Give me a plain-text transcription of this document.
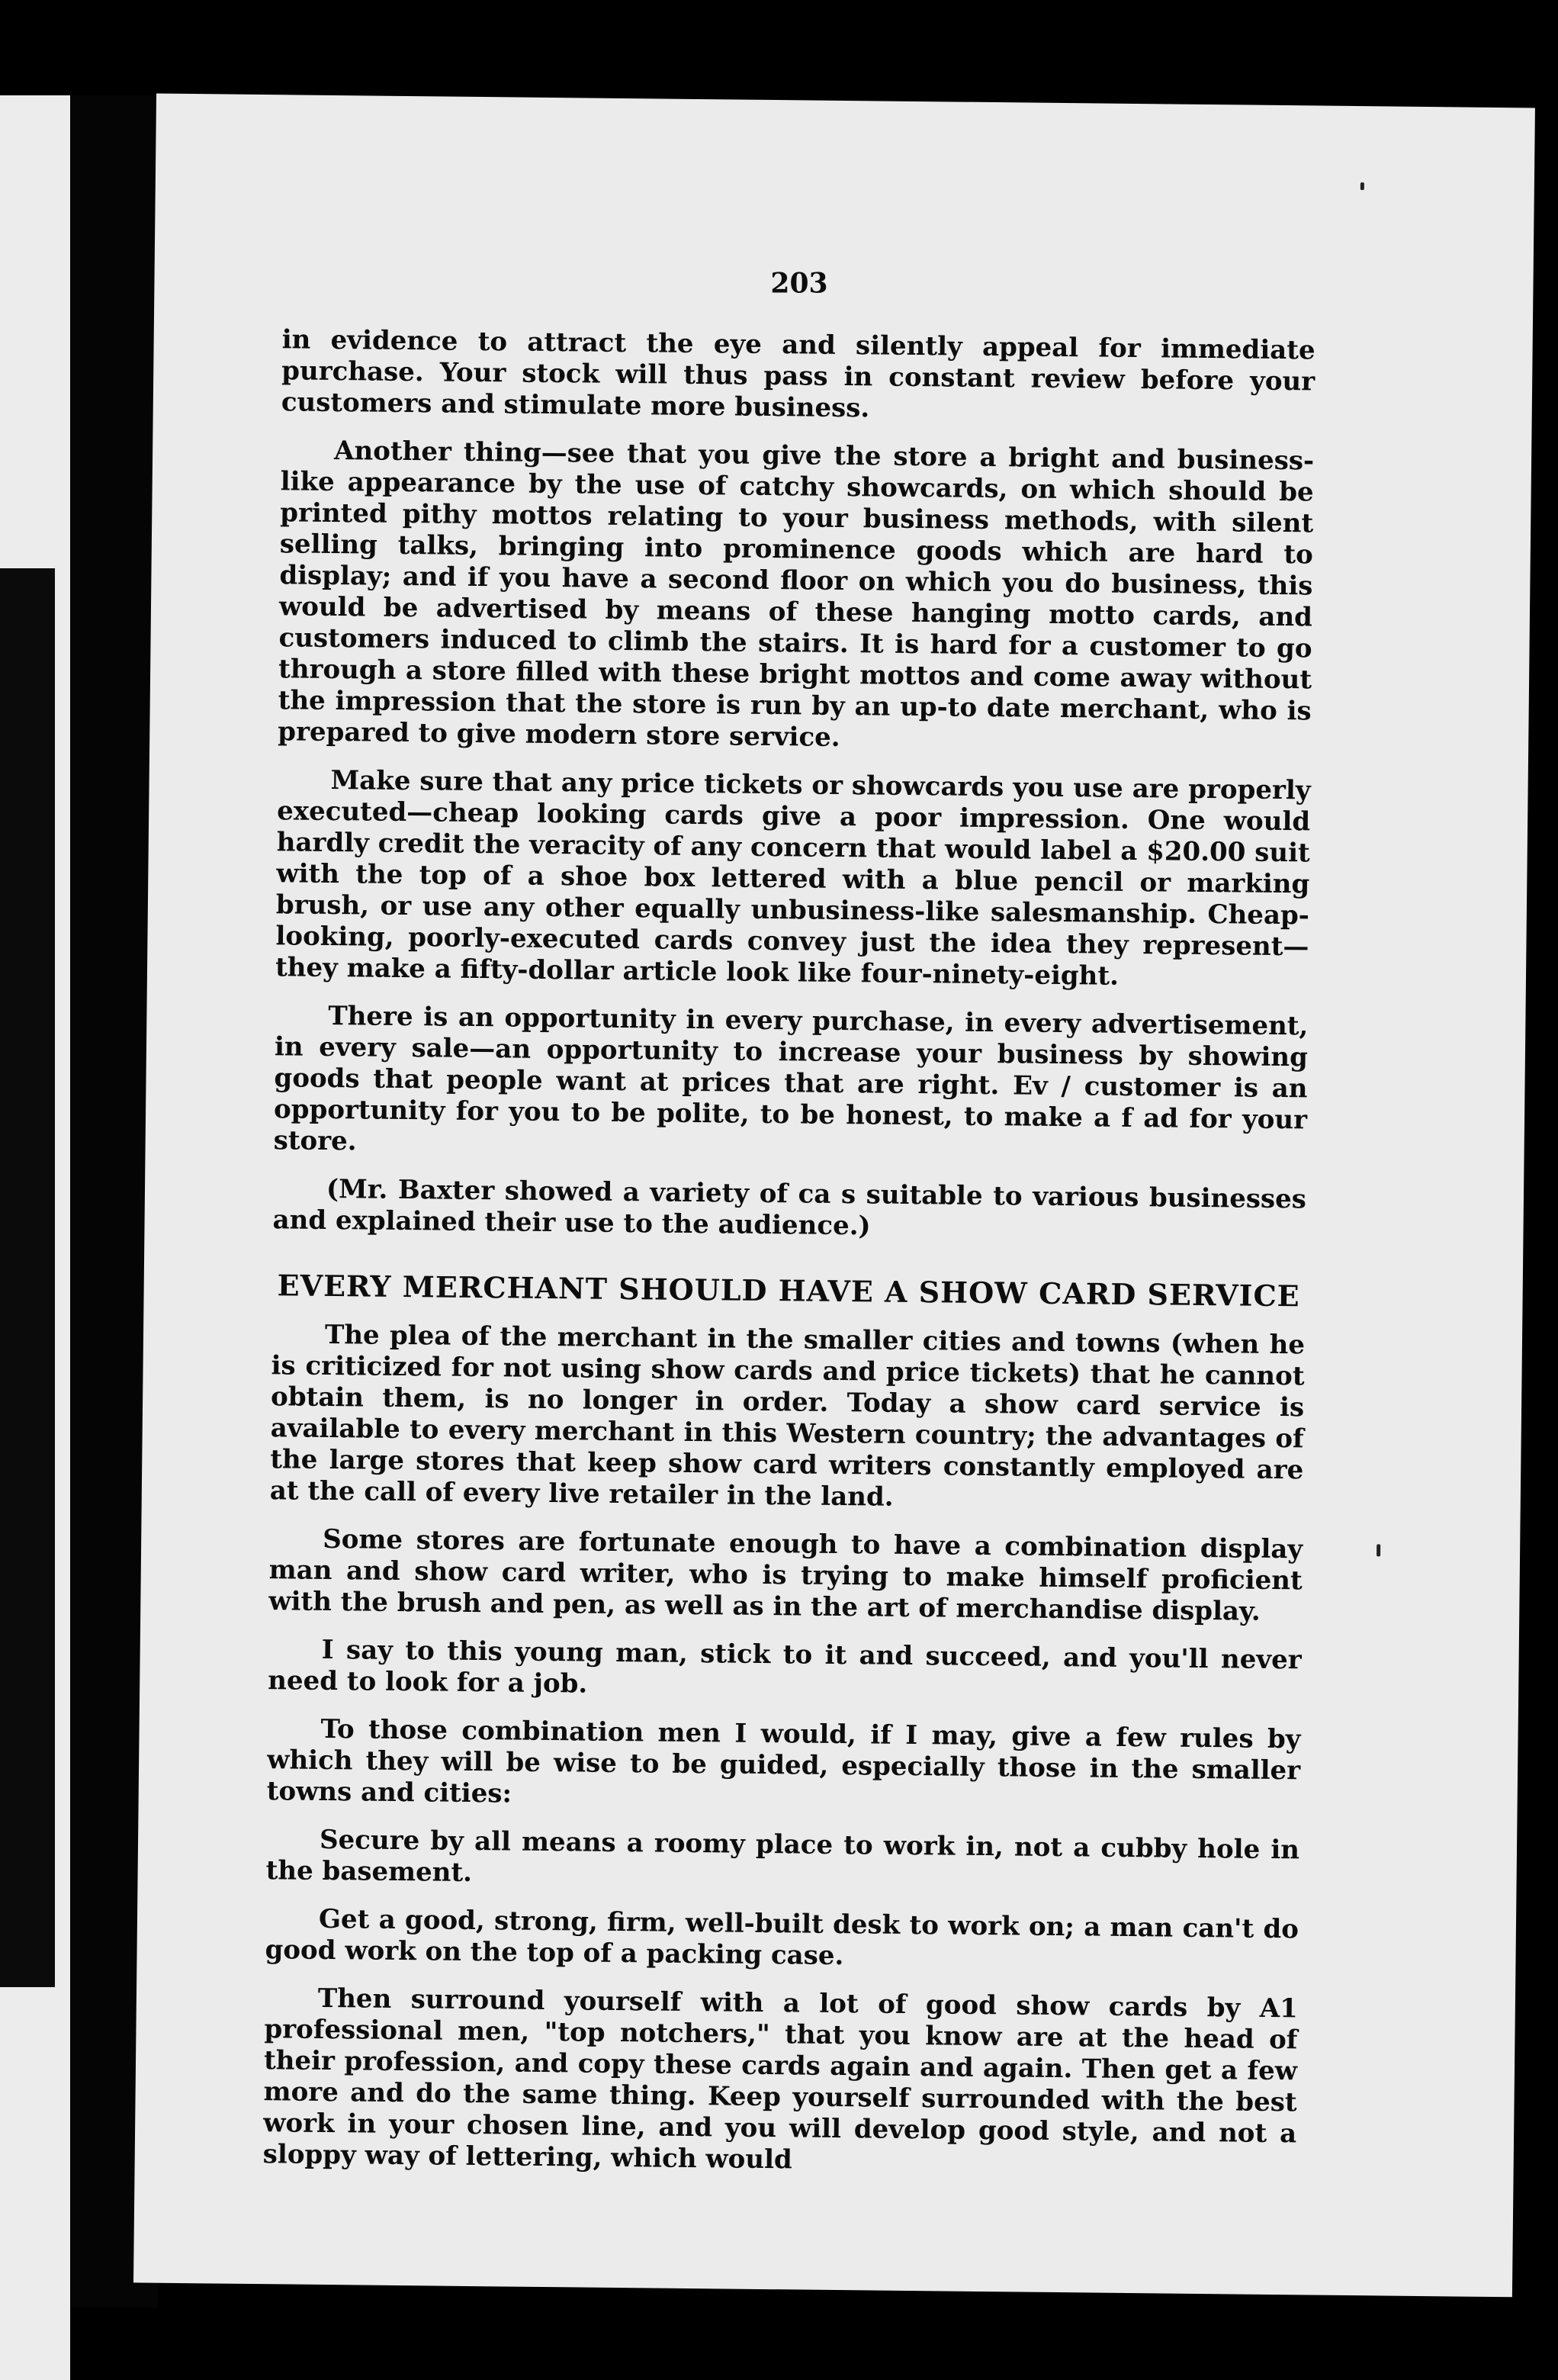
203

in evidence to attract the eye and silently appeal for immediate purchase. Your stock will thus pass in constant review before your customers and stimulate more business.

Another thing—see that you give the store a bright and business-like appearance by the use of catchy showcards, on which should be printed pithy mottos relating to your business methods, with silent selling talks, bringing into prominence goods which are hard to display; and if you have a second floor on which you do business, this would be advertised by means of these hanging motto cards, and customers induced to climb the stairs. It is hard for a customer to go through a store filled with these bright mottos and come away without the impression that the store is run by an up-to date merchant, who is prepared to give modern store service.

Make sure that any price tickets or showcards you use are properly executed—cheap looking cards give a poor impression. One would hardly credit the veracity of any concern that would label a $20.00 suit with the top of a shoe box lettered with a blue pencil or marking brush, or use any other equally unbusiness-like salesmanship. Cheap-looking, poorly-executed cards convey just the idea they represent—they make a fifty-dollar article look like four-ninety-eight.

There is an opportunity in every purchase, in every advertisement, in every sale—an opportunity to increase your business by showing goods that people want at prices that are right. Ev / customer is an opportunity for you to be polite, to be honest, to make a f ad for your store.

(Mr. Baxter showed a variety of ca s suitable to various businesses and explained their use to the audience.)

EVERY MERCHANT SHOULD HAVE A SHOW CARD SERVICE

The plea of the merchant in the smaller cities and towns (when he is criticized for not using show cards and price tickets) that he cannot obtain them, is no longer in order. Today a show card service is available to every merchant in this Western country; the advantages of the large stores that keep show card writers constantly employed are at the call of every live retailer in the land.

Some stores are fortunate enough to have a combination display man and show card writer, who is trying to make himself proficient with the brush and pen, as well as in the art of merchandise display.

I say to this young man, stick to it and succeed, and you'll never need to look for a job.

To those combination men I would, if I may, give a few rules by which they will be wise to be guided, especially those in the smaller towns and cities:

Secure by all means a roomy place to work in, not a cubby hole in the basement.

Get a good, strong, firm, well-built desk to work on; a man can't do good work on the top of a packing case.

Then surround yourself with a lot of good show cards by A1 professional men, "top notchers," that you know are at the head of their profession, and copy these cards again and again. Then get a few more and do the same thing. Keep yourself surrounded with the best work in your chosen line, and you will develop good style, and not a sloppy way of lettering, which would
